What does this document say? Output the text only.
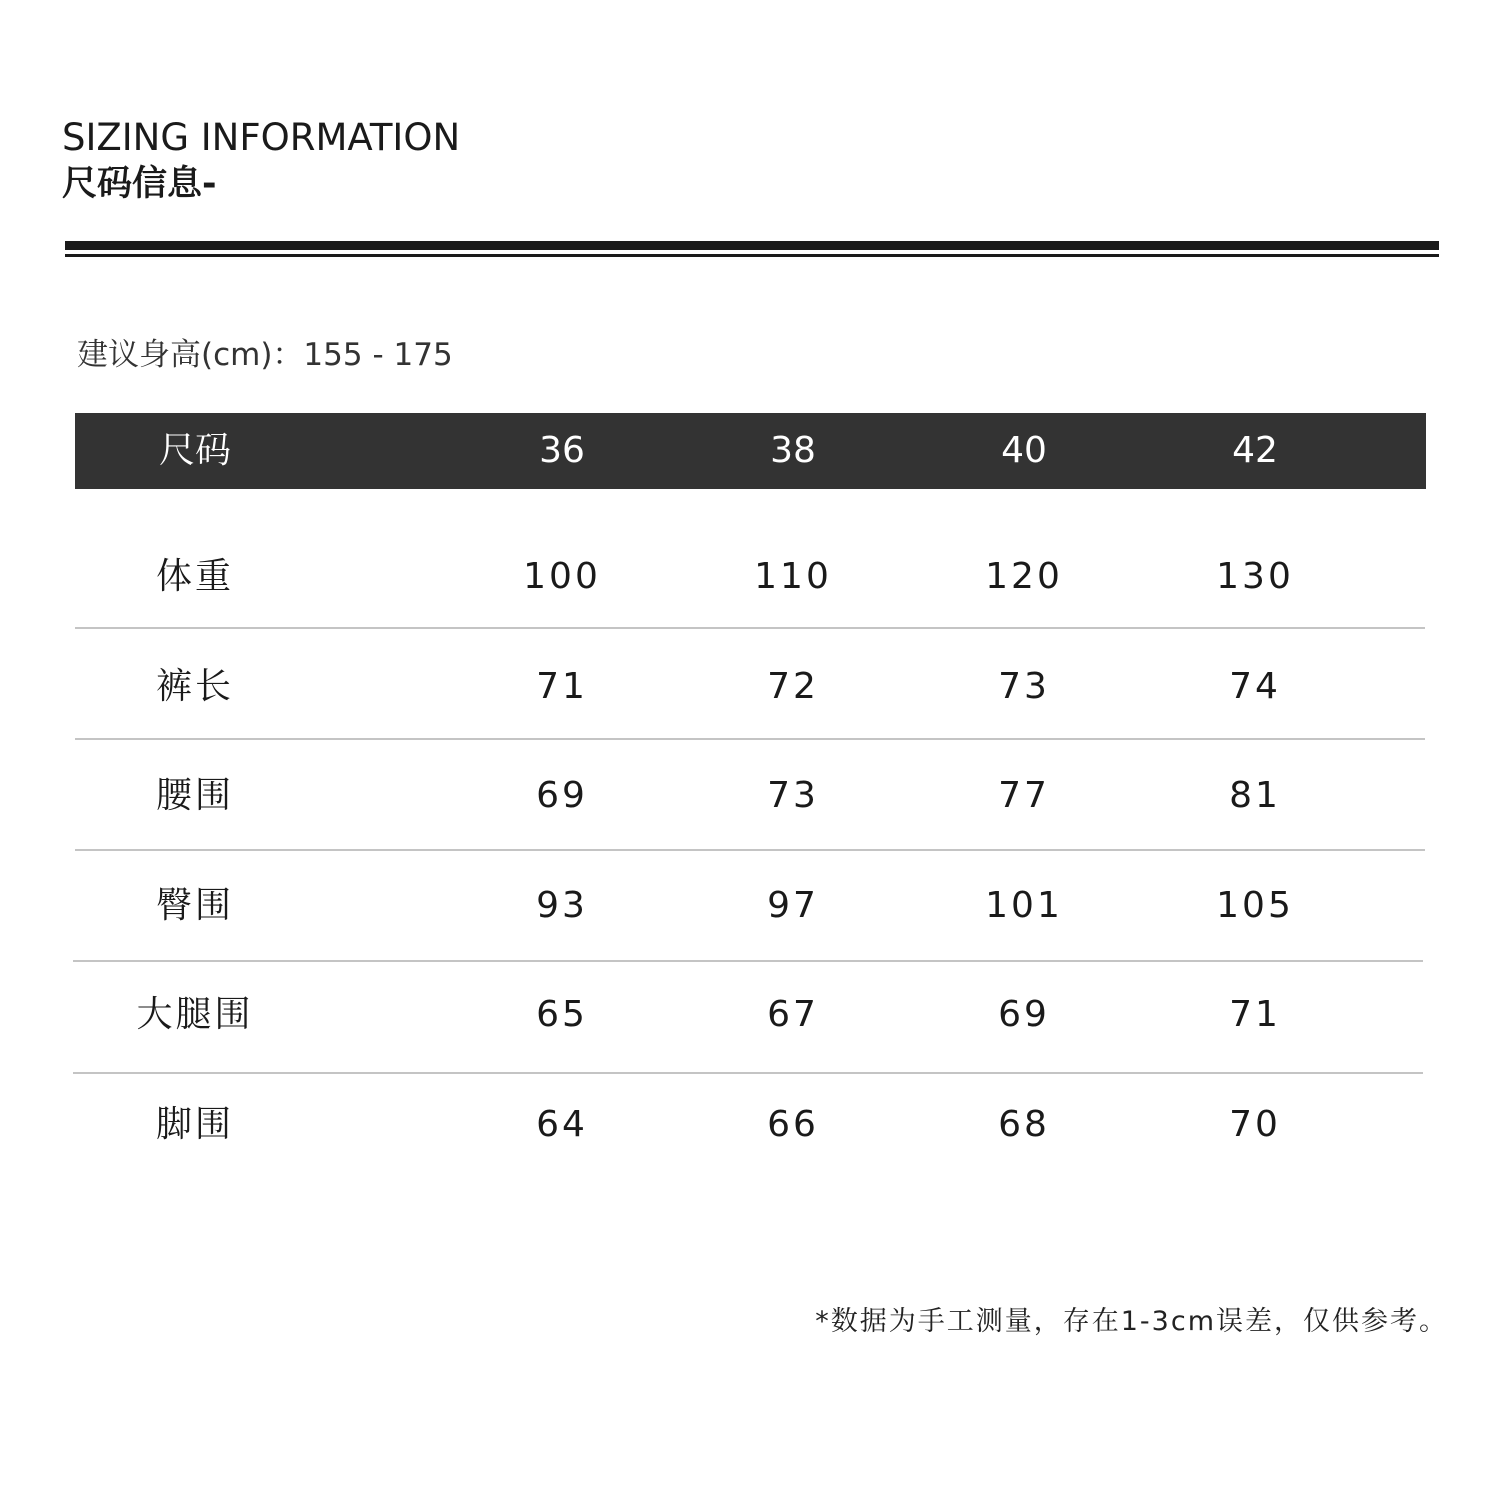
SIZING INFORMATION
尺码信息-
建议身高(cm)：155 - 175
尺码	36	38	40	42
体重	100	110	120	130
裤长	71	72	73	74
腰围	69	73	77	81
臀围	93	97	101	105
大腿围	65	67	69	71
脚围	64	66	68	70
*数据为手工测量，存在1-3cm误差，仅供参考。
